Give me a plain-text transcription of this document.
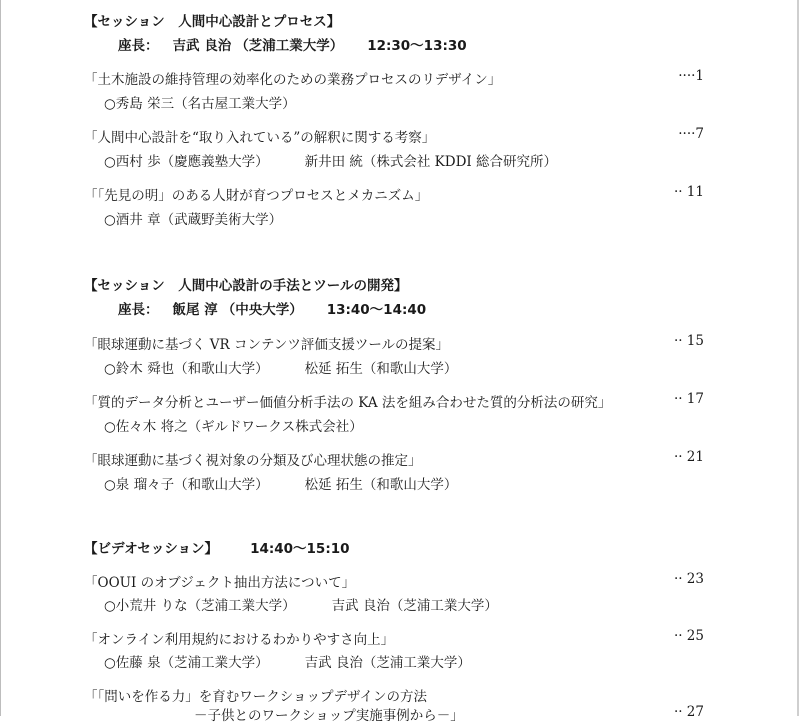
【セッション　人間中心設計とプロセス】
座長： 吉武 良治 （芝浦工業大学） 12:30〜13:30
「土木施設の維持管理の効率化のための業務プロセスのリデザイン」	····1
○秀島 栄三（名古屋工業大学）
「人間中心設計を“取り入れている”の解釈に関する考察」	····7
○西村 歩（慶應義塾大学）	新井田 統（株式会社 KDDI 総合研究所）
「「先見の明」のある人財が育つプロセスとメカニズム」	·· 11
○酒井 章（武蔵野美術大学）
【セッション　人間中心設計の手法とツールの開発】
座長： 飯尾 淳 （中央大学） 13:40〜14:40
「眼球運動に基づく VR コンテンツ評価支援ツールの提案」	·· 15
○鈴木 舜也（和歌山大学）	松延 拓生（和歌山大学）
「質的データ分析とユーザー価値分析手法の KA 法を組み合わせた質的分析法の研究」	·· 17
○佐々木 将之（ギルドワークス株式会社）
「眼球運動に基づく視対象の分類及び心理状態の推定」	·· 21
○泉 瑠々子（和歌山大学）	松延 拓生（和歌山大学）
【ビデオセッション】 14:40〜15:10
「OOUI のオブジェクト抽出方法について」	·· 23
○小荒井 りな（芝浦工業大学）	吉武 良治（芝浦工業大学）
「オンライン利用規約におけるわかりやすさ向上」	·· 25
○佐藤 泉（芝浦工業大学）	吉武 良治（芝浦工業大学）
「「問いを作る力」を育むワークショップデザインの方法
－子供とのワークショップ実施事例から－」	·· 27
